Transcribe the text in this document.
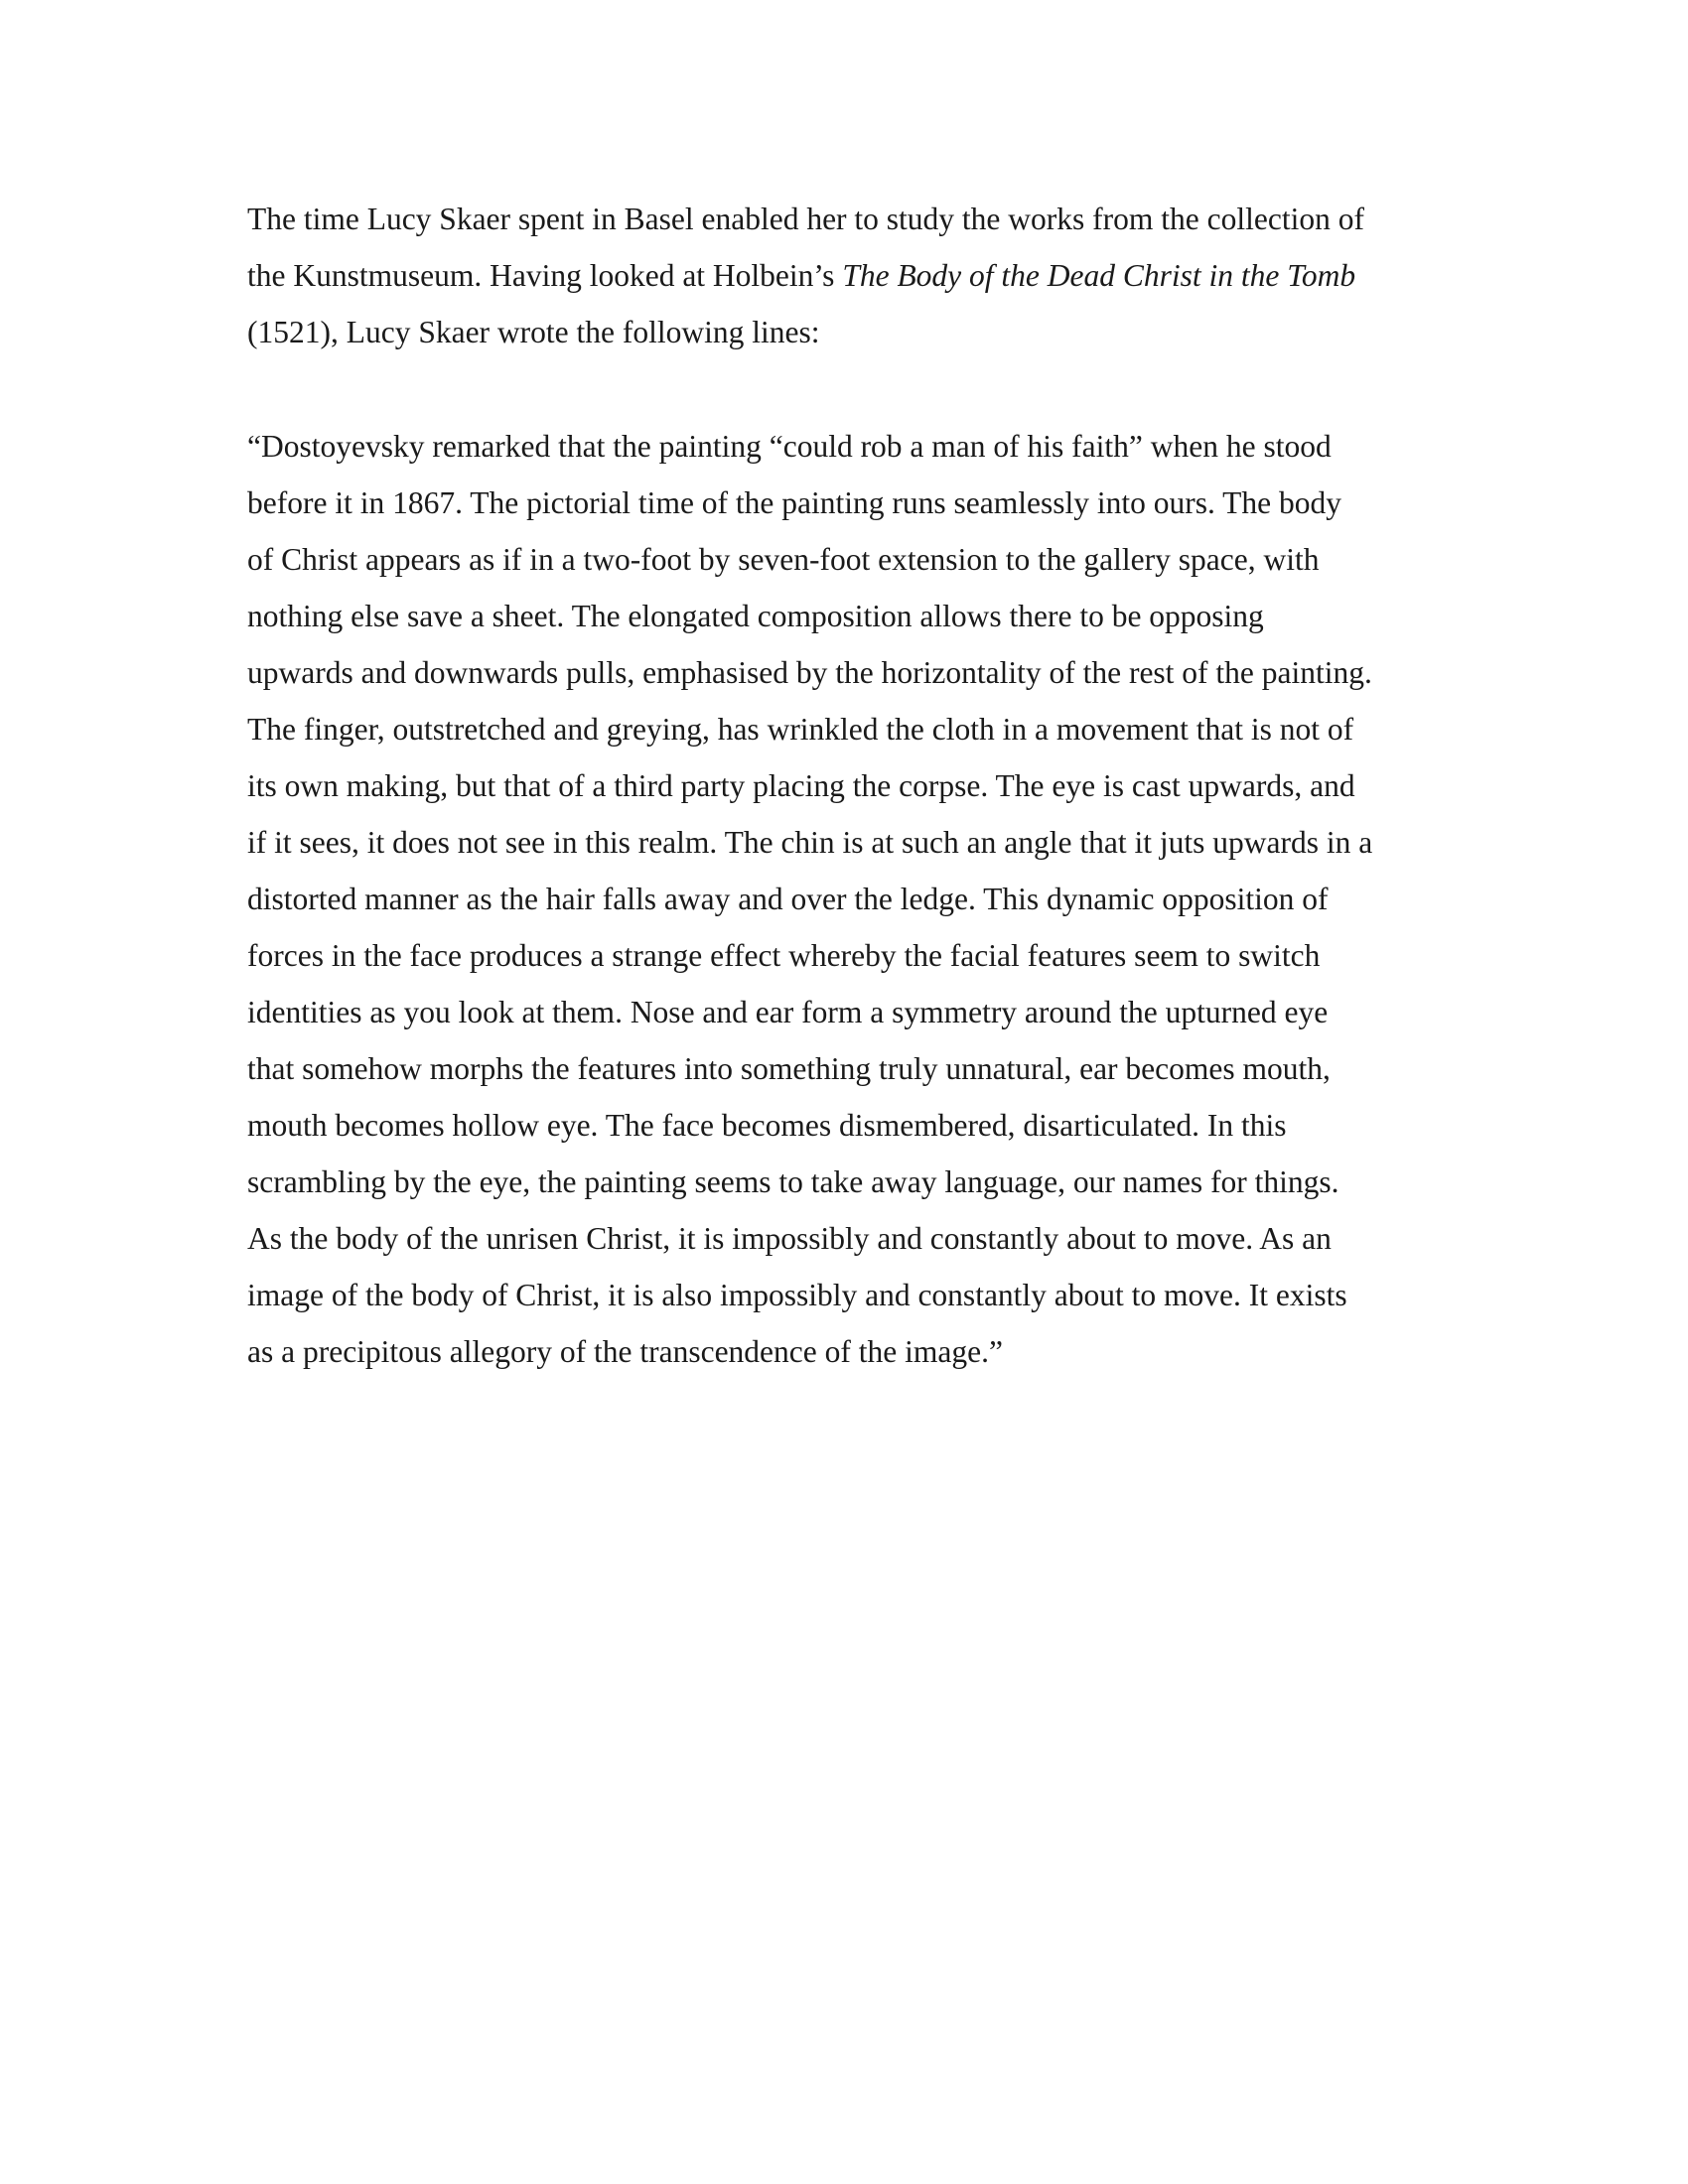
The time Lucy Skaer spent in Basel enabled her to study the works from the collection of
the Kunstmuseum. Having looked at Holbein’s The Body of the Dead Christ in the Tomb
(1521), Lucy Skaer wrote the following lines:

“Dostoyevsky remarked that the painting “could rob a man of his faith” when he stood
before it in 1867. The pictorial time of the painting runs seamlessly into ours. The body
of Christ appears as if in a two-foot by seven-foot extension to the gallery space, with
nothing else save a sheet. The elongated composition allows there to be opposing
upwards and downwards pulls, emphasised by the horizontality of the rest of the painting.
The finger, outstretched and greying, has wrinkled the cloth in a movement that is not of
its own making, but that of a third party placing the corpse. The eye is cast upwards, and
if it sees, it does not see in this realm. The chin is at such an angle that it juts upwards in a
distorted manner as the hair falls away and over the ledge. This dynamic opposition of
forces in the face produces a strange effect whereby the facial features seem to switch
identities as you look at them. Nose and ear form a symmetry around the upturned eye
that somehow morphs the features into something truly unnatural, ear becomes mouth,
mouth becomes hollow eye. The face becomes dismembered, disarticulated. In this
scrambling by the eye, the painting seems to take away language, our names for things.
As the body of the unrisen Christ, it is impossibly and constantly about to move. As an
image of the body of Christ, it is also impossibly and constantly about to move. It exists
as a precipitous allegory of the transcendence of the image.”
